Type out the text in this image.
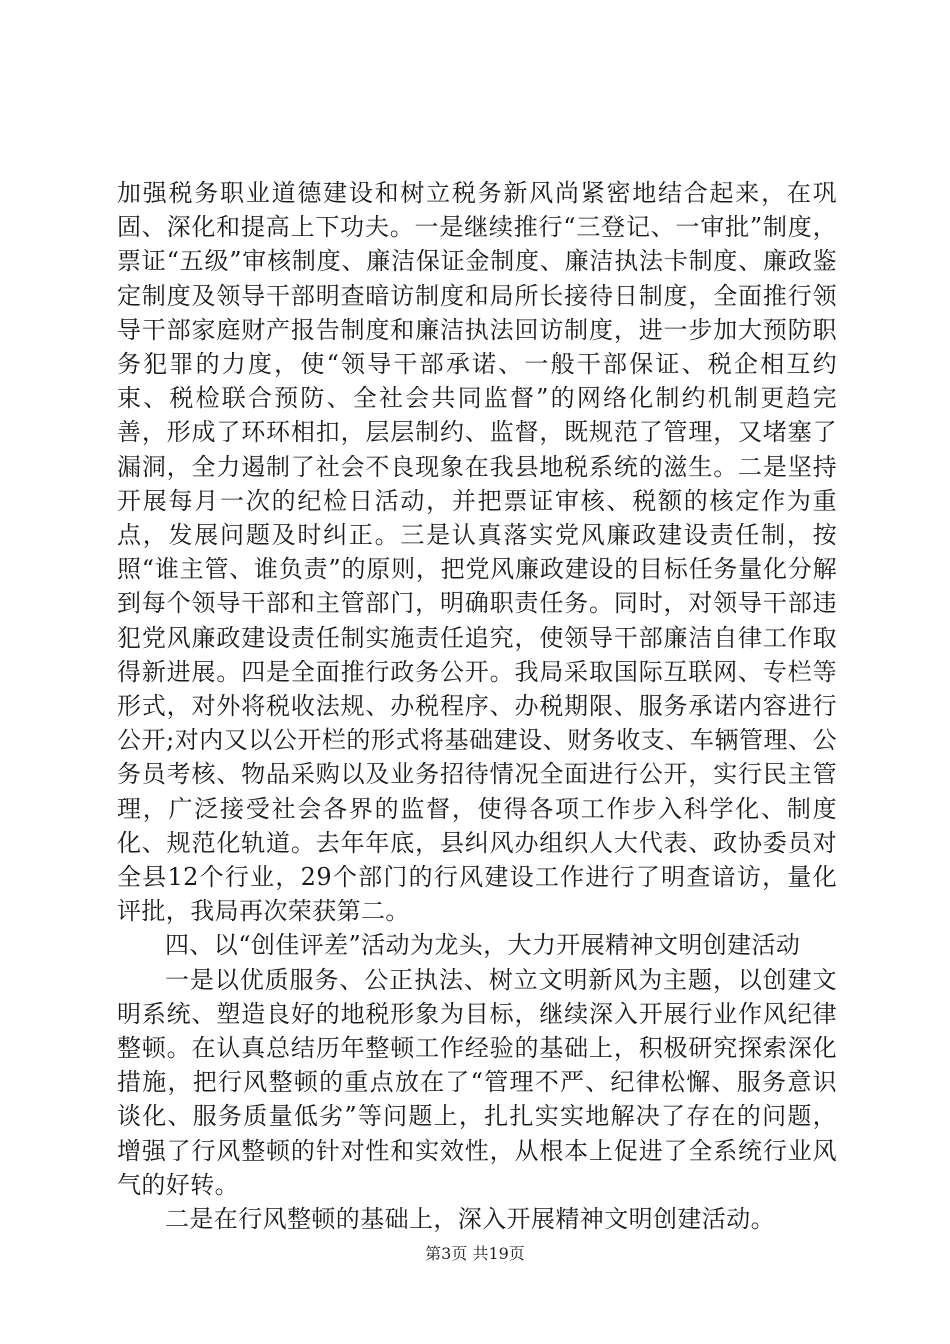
加强税务职业道德建设和树立税务新风尚紧密地结合起来，在巩固、深化和提高上下功夫。一是继续推行“三登记、一审批”制度，票证“五级”审核制度、廉洁保证金制度、廉洁执法卡制度、廉政鉴定制度及领导干部明查暗访制度和局所长接待日制度，全面推行领导干部家庭财产报告制度和廉洁执法回访制度，进一步加大预防职务犯罪的力度，使“领导干部承诺、一般干部保证、税企相互约束、税检联合预防、全社会共同监督”的网络化制约机制更趋完善，形成了环环相扣，层层制约、监督，既规范了管理，又堵塞了漏洞，全力遏制了社会不良现象在我县地税系统的滋生。二是坚持开展每月一次的纪检日活动，并把票证审核、税额的核定作为重点，发展问题及时纠正。三是认真落实党风廉政建设责任制，按照“谁主管、谁负责”的原则，把党风廉政建设的目标任务量化分解到每个领导干部和主管部门，明确职责任务。同时，对领导干部违犯党风廉政建设责任制实施责任追究，使领导干部廉洁自律工作取得新进展。四是全面推行政务公开。我局采取国际互联网、专栏等形式，对外将税收法规、办税程序、办税期限、服务承诺内容进行公开;对内又以公开栏的形式将基础建设、财务收支、车辆管理、公务员考核、物品采购以及业务招待情况全面进行公开，实行民主管理，广泛接受社会各界的监督，使得各项工作步入科学化、制度化、规范化轨道。去年年底，县纠风办组织人大代表、政协委员对全县12个行业，29个部门的行风建设工作进行了明查谙访，量化评批，我局再次荣获第二。

四、以“创佳评差”活动为龙头，大力开展精神文明创建活动

一是以优质服务、公正执法、树立文明新风为主题，以创建文明系统、塑造良好的地税形象为目标，继续深入开展行业作风纪律整顿。在认真总结历年整顿工作经验的基础上，积极研究探索深化措施，把行风整顿的重点放在了“管理不严、纪律松懈、服务意识谈化、服务质量低劣”等问题上，扎扎实实地解决了存在的问题，增强了行风整顿的针对性和实效性，从根本上促进了全系统行业风气的好转。

二是在行风整顿的基础上，深入开展精神文明创建活动。

第3页 共19页
